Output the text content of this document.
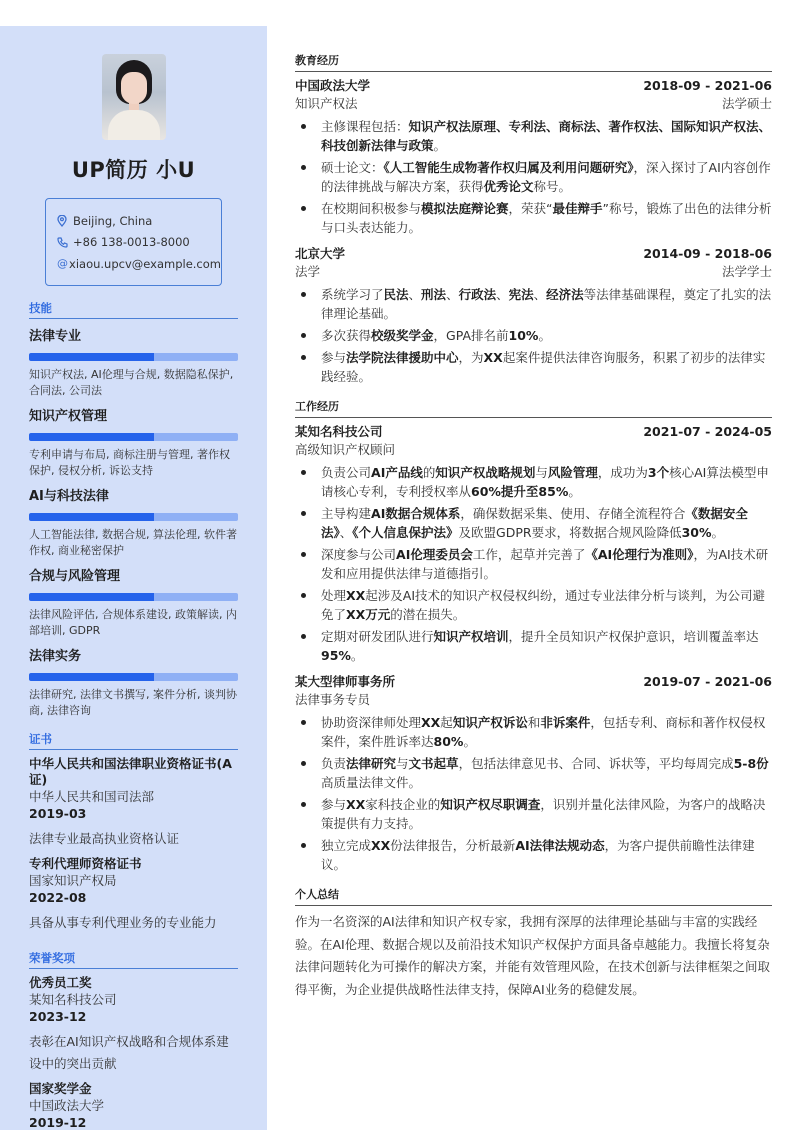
UP简历 小U
Beijing, China
+86 138-0013-8000
@ xiaou.upcv@example.com
技能
法律专业
知识产权法, AI伦理与合规, 数据隐私保护, 合同法, 公司法
知识产权管理
专利申请与布局, 商标注册与管理, 著作权保护, 侵权分析, 诉讼支持
AI与科技法律
人工智能法律, 数据合规, 算法伦理, 软件著作权, 商业秘密保护
合规与风险管理
法律风险评估, 合规体系建设, 政策解读, 内部培训, GDPR
法律实务
法律研究, 法律文书撰写, 案件分析, 谈判协商, 法律咨询
证书
中华人民共和国法律职业资格证书(A证)
中华人民共和国司法部
2019-03
法律专业最高执业资格认证
专利代理师资格证书
国家知识产权局
2022-08
具备从事专利代理业务的专业能力
荣誉奖项
优秀员工奖
某知名科技公司
2023-12
表彰在AI知识产权战略和合规体系建设中的突出贡献
国家奖学金
中国政法大学
2019-12
教育经历
中国政法大学	2018-09 - 2021-06
知识产权法	法学硕士
主修课程包括：知识产权法原理、专利法、商标法、著作权法、国际知识产权法、科技创新法律与政策。
硕士论文：《人工智能生成物著作权归属及利用问题研究》，深入探讨了AI内容创作的法律挑战与解决方案，获得优秀论文称号。
在校期间积极参与模拟法庭辩论赛，荣获“最佳辩手”称号，锻炼了出色的法律分析与口头表达能力。
北京大学	2014-09 - 2018-06
法学	法学学士
系统学习了民法、刑法、行政法、宪法、经济法等法律基础课程，奠定了扎实的法律理论基础。
多次获得校级奖学金，GPA排名前10%。
参与法学院法律援助中心，为XX起案件提供法律咨询服务，积累了初步的法律实践经验。
工作经历
某知名科技公司	2021-07 - 2024-05
高级知识产权顾问
负责公司AI产品线的知识产权战略规划与风险管理，成功为3个核心AI算法模型申请核心专利，专利授权率从60%提升至85%。
主导构建AI数据合规体系，确保数据采集、使用、存储全流程符合《数据安全法》、《个人信息保护法》及欧盟GDPR要求，将数据合规风险降低30%。
深度参与公司AI伦理委员会工作，起草并完善了《AI伦理行为准则》，为AI技术研发和应用提供法律与道德指引。
处理XX起涉及AI技术的知识产权侵权纠纷，通过专业法律分析与谈判，为公司避免了XX万元的潜在损失。
定期对研发团队进行知识产权培训，提升全员知识产权保护意识，培训覆盖率达95%。
某大型律师事务所	2019-07 - 2021-06
法律事务专员
协助资深律师处理XX起知识产权诉讼和非诉案件，包括专利、商标和著作权侵权案件，案件胜诉率达80%。
负责法律研究与文书起草，包括法律意见书、合同、诉状等，平均每周完成5-8份高质量法律文件。
参与XX家科技企业的知识产权尽职调查，识别并量化法律风险，为客户的战略决策提供有力支持。
独立完成XX份法律报告，分析最新AI法律法规动态，为客户提供前瞻性法律建议。
个人总结

作为一名资深的AI法律和知识产权专家，我拥有深厚的法律理论基础与丰富的实践经验。在AI伦理、数据合规以及前沿技术知识产权保护方面具备卓越能力。我擅长将复杂法律问题转化为可操作的解决方案，并能有效管理风险，在技术创新与法律框架之间取得平衡，为企业提供战略性法律支持，保障AI业务的稳健发展。
